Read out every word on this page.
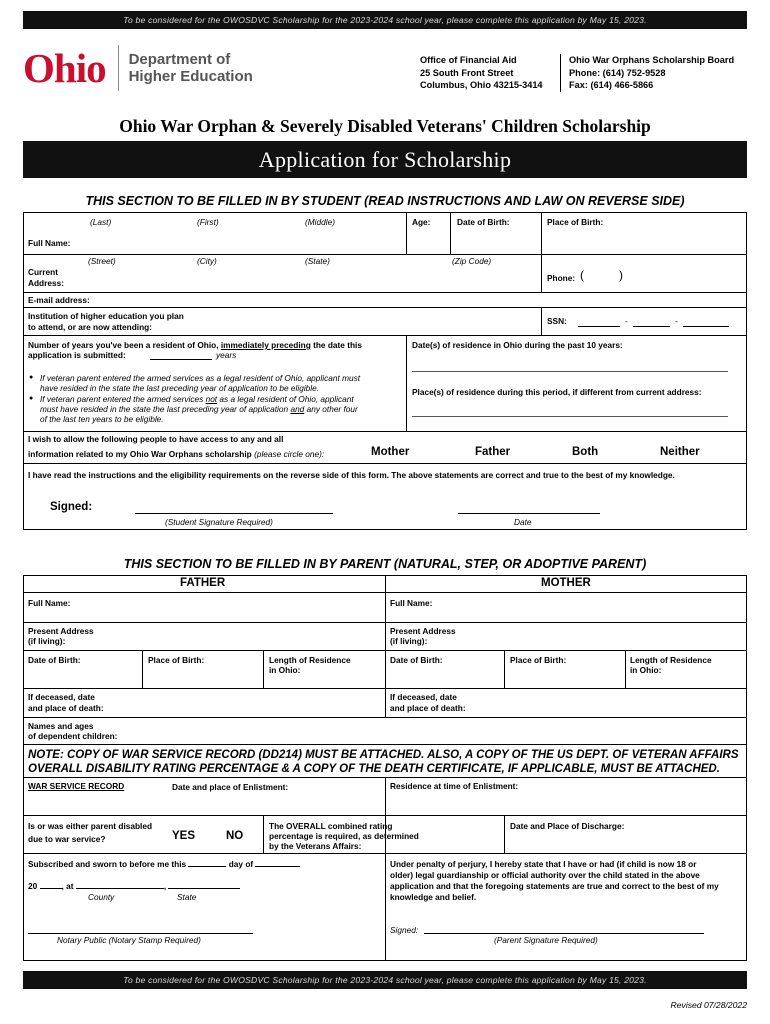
To be considered for the OWOSDVC Scholarship for the 2023-2024 school year, please complete this application by May 15, 2023.
Ohio Department of
Higher Education
Office of Financial Aid
25 South Front Street
Columbus, Ohio 43215-3414
Ohio War Orphans Scholarship Board
Phone: (614) 752-9528
Fax: (614) 466-5866
Ohio War Orphan & Severely Disabled Veterans' Children Scholarship
Application for Scholarship
THIS SECTION TO BE FILLED IN BY STUDENT (READ INSTRUCTIONS AND LAW ON REVERSE SIDE)
(Last)	(First)	(Middle)	Age:	Date of Birth:	Place of Birth:
Full Name:
(Street)	(City)	(State)	(Zip Code)
Current
Address:	Phone: (	)
E-mail address:
Institution of higher education you plan
to attend, or are now attending:
SSN:	-	-
Number of years you've been a resident of Ohio, immediately preceding the date this
application is submitted:	years
Date(s) of residence in Ohio during the past 10 years:
● If veteran parent entered the armed services as a legal resident of Ohio, applicant must
have resided in the state the last preceding year of application to be eligible.
● If veteran parent entered the armed services not as a legal resident of Ohio, applicant
must have resided in the state the last preceding year of application and any other four
of the last ten years to be eligible.
Place(s) of residence during this period, if different from current address:
I wish to allow the following people to have access to any and all
information related to my Ohio War Orphans scholarship (please circle one):	Mother	Father	Both	Neither
I have read the instructions and the eligibility requirements on the reverse side of this form. The above statements are correct and true to the best of my knowledge.
Signed:
(Student Signature Required)	Date
THIS SECTION TO BE FILLED IN BY PARENT (NATURAL, STEP, OR ADOPTIVE PARENT)
FATHER	MOTHER
Full Name:	Full Name:
Present Address
(if living):
Present Address
(if living):
Date of Birth:	Place of Birth:	Length of Residence
in Ohio:
Date of Birth:	Place of Birth:	Length of Residence
in Ohio:
If deceased, date
and place of death:
If deceased, date
and place of death:
Names and ages
of dependent children:
NOTE: COPY OF WAR SERVICE RECORD (DD214) MUST BE ATTACHED. ALSO, A COPY OF THE US DEPT. OF VETERAN AFFAIRS
OVERALL DISABILITY RATING PERCENTAGE & A COPY OF THE DEATH CERTIFICATE, IF APPLICABLE, MUST BE ATTACHED.
WAR SERVICE RECORD	Date and place of Enlistment:	Residence at time of Enlistment:
Is or was either parent disabled
due to war service?	YES	NO
The OVERALL combined rating
percentage is required, as determined
by the Veterans Affairs:
Date and Place of Discharge:
Subscribed and sworn to before me this	day of
20	, at	,
County	State
Notary Public (Notary Stamp Required)
Under penalty of perjury, I hereby state that I have or had (if child is now 18 or
older) legal guardianship or official authority over the child stated in the above
application and that the foregoing statements are true and correct to the best of my
knowledge and belief.
Signed:
(Parent Signature Required)
To be considered for the OWOSDVC Scholarship for the 2023-2024 school year, please complete this application by May 15, 2023.
Revised 07/28/2022
